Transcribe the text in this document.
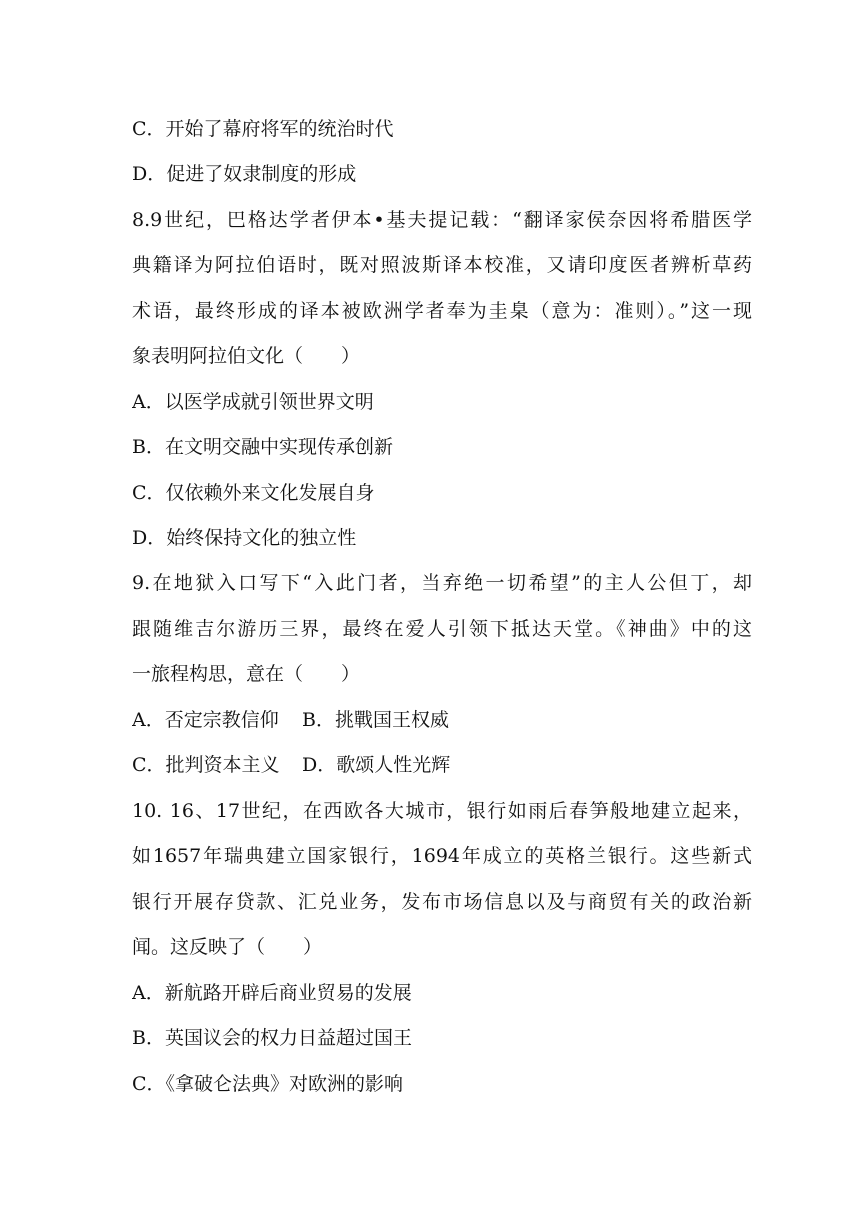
C．开始了幕府将军的统治时代
D．促进了奴隶制度的形成
8.9世纪，巴格达学者伊本•基夫提记载：“翻译家侯奈因将希腊医学
典籍译为阿拉伯语时，既对照波斯译本校准，又请印度医者辨析草药
术语，最终形成的译本被欧洲学者奉为圭臬（意为：准则）。”这一现
象表明阿拉伯文化（　　）
A．以医学成就引领世界文明
B．在文明交融中实现传承创新
C．仅依赖外来文化发展自身
D．始终保持文化的独立性
9.在地狱入口写下“入此门者，当弃绝一切希望”的主人公但丁，却
跟随维吉尔游历三界，最终在爱人引领下抵达天堂。《神曲》中的这
一旅程构思，意在（　　）
A．否定宗教信仰 B．挑戰国王权威
C．批判资本主义 D．歌颂人性光辉
10. 16、17世纪，在西欧各大城市，银行如雨后春笋般地建立起来，
如1657年瑞典建立国家银行，1694年成立的英格兰银行。这些新式
银行开展存贷款、汇兑业务，发布市场信息以及与商贸有关的政治新
闻。这反映了（　　）
A．新航路开辟后商业贸易的发展
B．英国议会的权力日益超过国王
C．《拿破仑法典》对欧洲的影响
